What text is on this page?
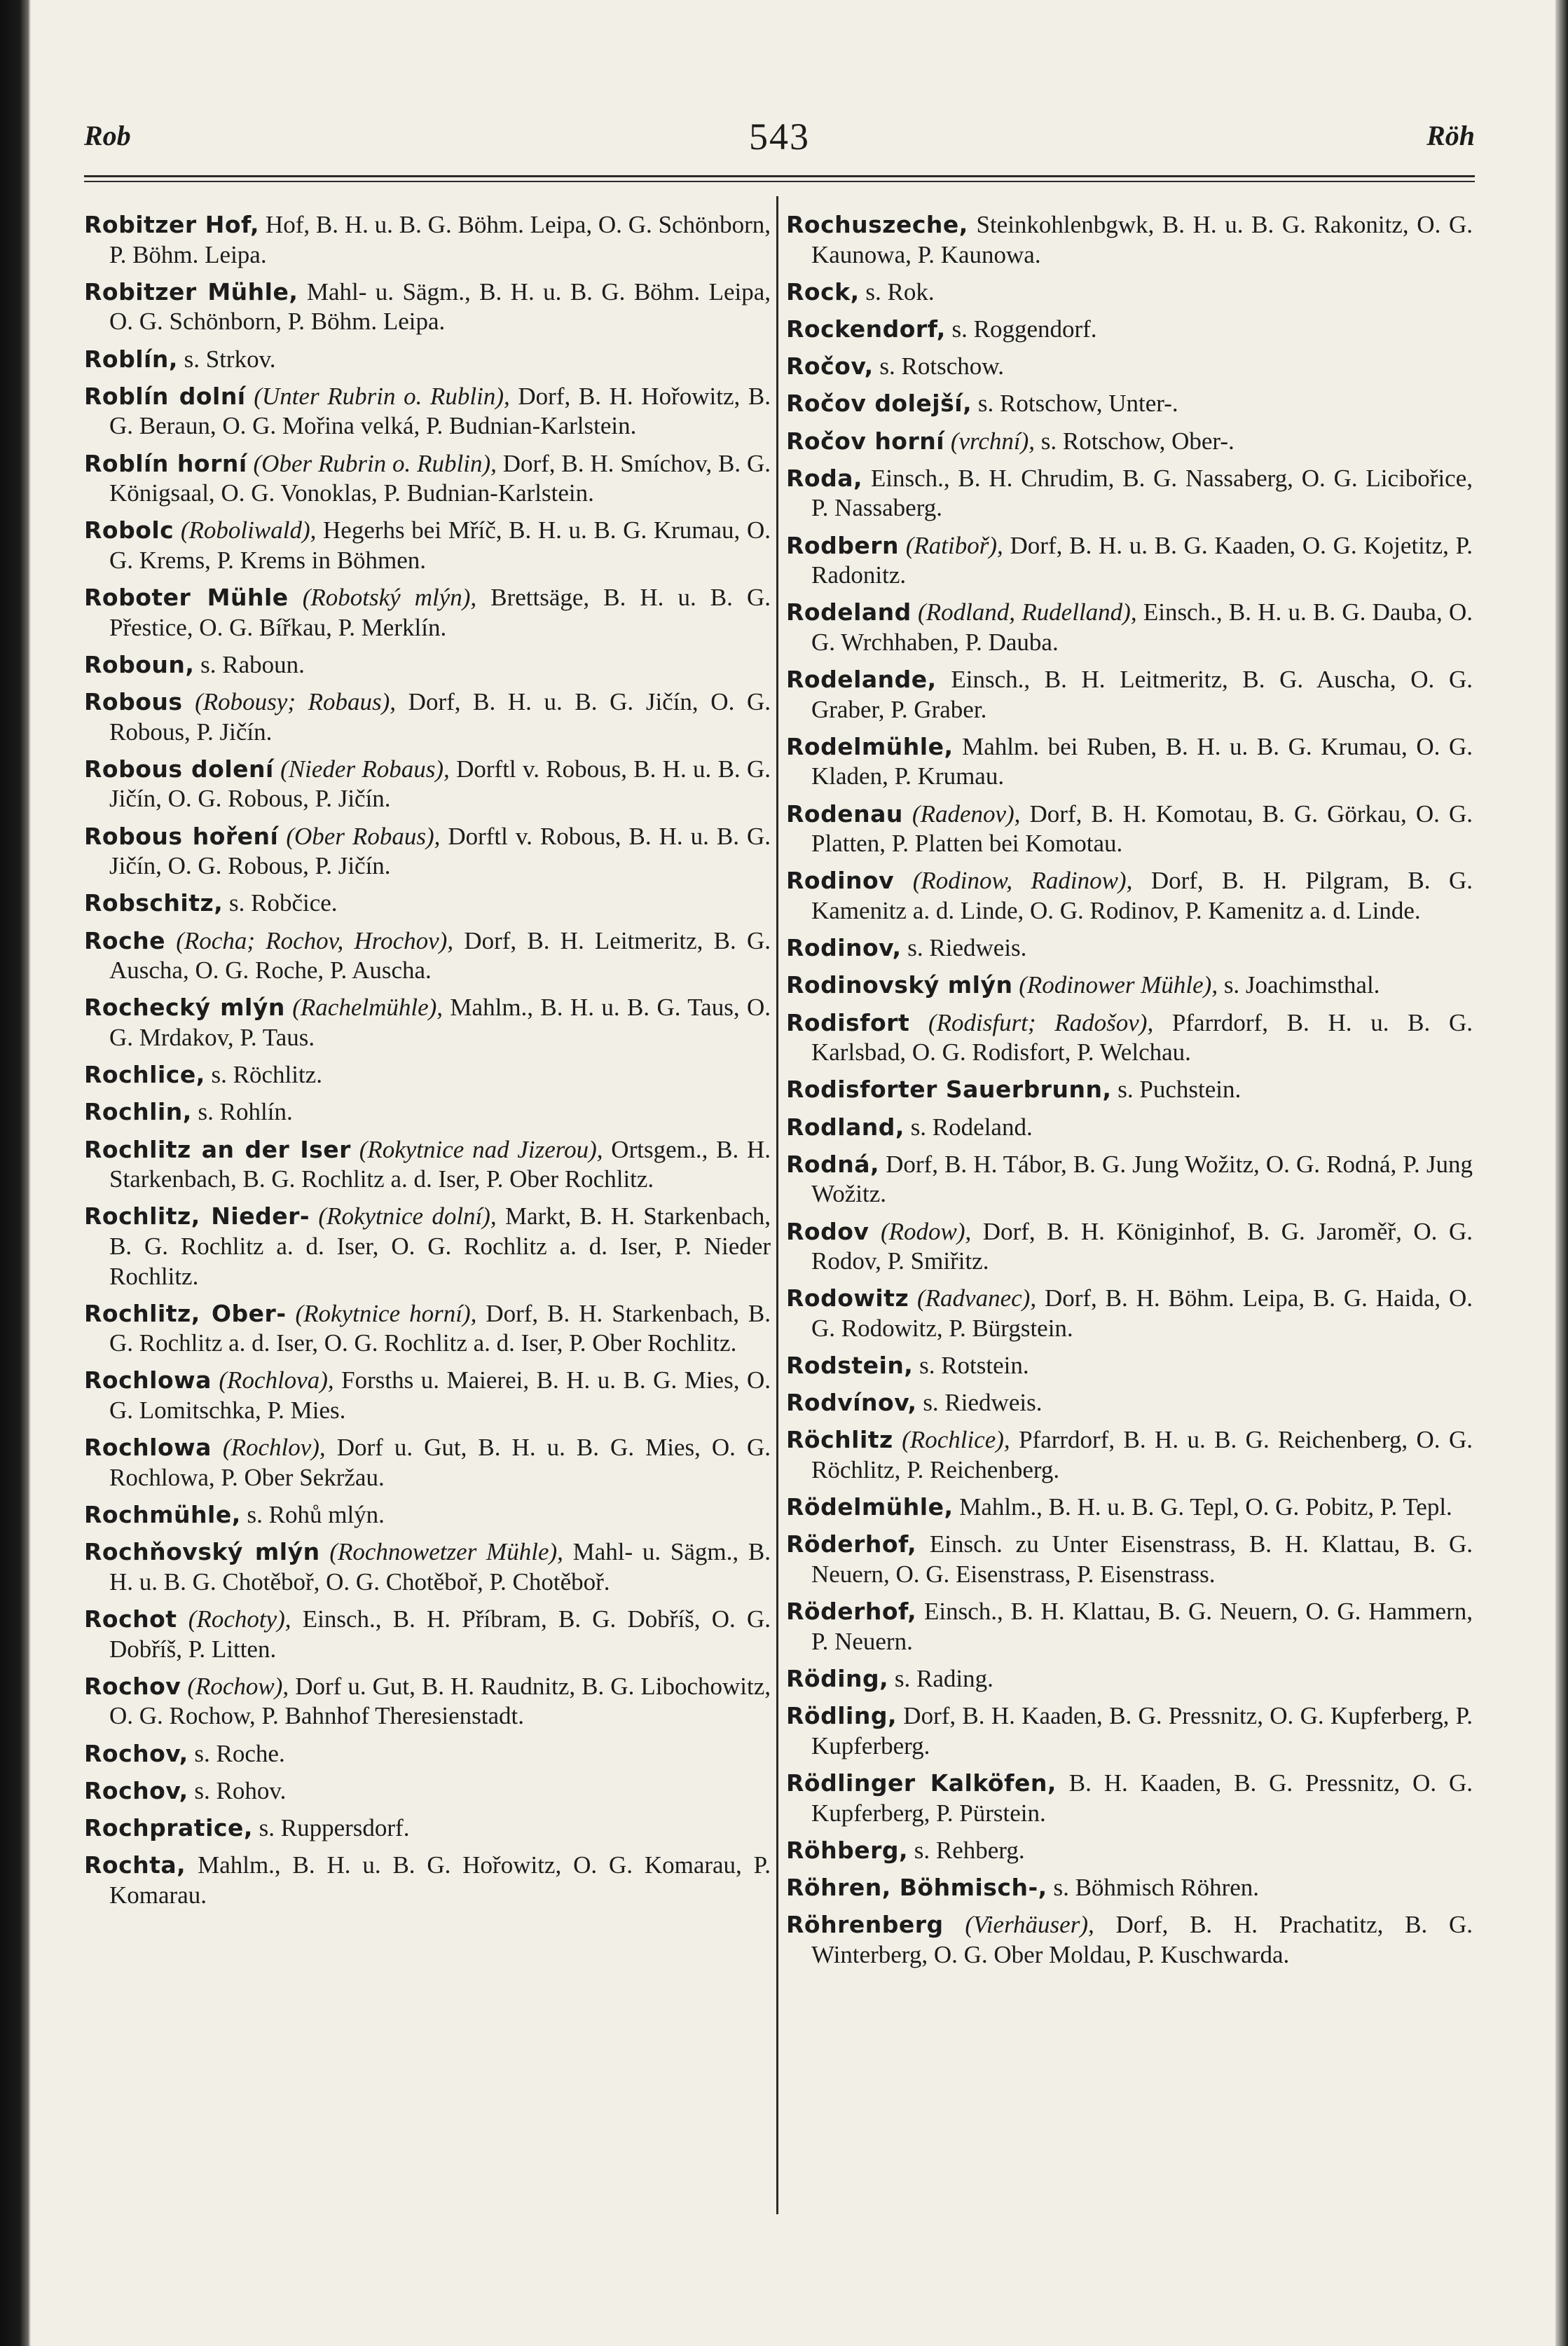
Rob	543	Röh

Robitzer Hof, Hof, B. H. u. B. G. Böhm. Leipa, O. G. Schönborn, P. Böhm. Leipa.

Robitzer Mühle, Mahl- u. Sägm., B. H. u. B. G. Böhm. Leipa, O. G. Schönborn, P. Böhm. Leipa.

Roblín, s. Strkov.

Roblín dolní (Unter Rubrin o. Rublin), Dorf, B. H. Hořowitz, B. G. Beraun, O. G. Mořina velká, P. Budnian-Karlstein.

Roblín horní (Ober Rubrin o. Rublin), Dorf, B. H. Smíchov, B. G. Königsaal, O. G. Vonoklas, P. Budnian-Karlstein.

Robolc (Roboliwald), Hegerhs bei Mříč, B. H. u. B. G. Krumau, O. G. Krems, P. Krems in Böhmen.

Roboter Mühle (Robotský mlýn), Brettsäge, B. H. u. B. G. Přestice, O. G. Bířkau, P. Merklín.

Roboun, s. Raboun.

Robous (Robousy; Robaus), Dorf, B. H. u. B. G. Jičín, O. G. Robous, P. Jičín.

Robous dolení (Nieder Robaus), Dorftl v. Robous, B. H. u. B. G. Jičín, O. G. Robous, P. Jičín.

Robous hoření (Ober Robaus), Dorftl v. Robous, B. H. u. B. G. Jičín, O. G. Robous, P. Jičín.

Robschitz, s. Robčice.

Roche (Rocha; Rochov, Hrochov), Dorf, B. H. Leitmeritz, B. G. Auscha, O. G. Roche, P. Auscha.

Rochecký mlýn (Rachelmühle), Mahlm., B. H. u. B. G. Taus, O. G. Mrdakov, P. Taus.

Rochlice, s. Röchlitz.

Rochlin, s. Rohlín.

Rochlitz an der Iser (Rokytnice nad Jizerou), Ortsgem., B. H. Starkenbach, B. G. Rochlitz a. d. Iser, P. Ober Rochlitz.

Rochlitz, Nieder- (Rokytnice dolní), Markt, B. H. Starkenbach, B. G. Rochlitz a. d. Iser, O. G. Rochlitz a. d. Iser, P. Nieder Rochlitz.

Rochlitz, Ober- (Rokytnice horní), Dorf, B. H. Starkenbach, B. G. Rochlitz a. d. Iser, O. G. Rochlitz a. d. Iser, P. Ober Rochlitz.

Rochlowa (Rochlova), Forsths u. Maierei, B. H. u. B. G. Mies, O. G. Lomitschka, P. Mies.

Rochlowa (Rochlov), Dorf u. Gut, B. H. u. B. G. Mies, O. G. Rochlowa, P. Ober Sekržau.

Rochmühle, s. Rohů mlýn.

Rochňovský mlýn (Rochnowetzer Mühle), Mahl- u. Sägm., B. H. u. B. G. Chotěboř, O. G. Chotěboř, P. Chotěboř.

Rochot (Rochoty), Einsch., B. H. Příbram, B. G. Dobříš, O. G. Dobříš, P. Litten.

Rochov (Rochow), Dorf u. Gut, B. H. Raudnitz, B. G. Libochowitz, O. G. Rochow, P. Bahnhof Theresienstadt.

Rochov, s. Roche.

Rochov, s. Rohov.

Rochpratice, s. Ruppersdorf.

Rochta, Mahlm., B. H. u. B. G. Hořowitz, O. G. Komarau, P. Komarau.

Rochuszeche, Steinkohlenbgwk, B. H. u. B. G. Rakonitz, O. G. Kaunowa, P. Kaunowa.

Rock, s. Rok.

Rockendorf, s. Roggendorf.

Ročov, s. Rotschow.

Ročov dolejší, s. Rotschow, Unter-.

Ročov horní (vrchní), s. Rotschow, Ober-.

Roda, Einsch., B. H. Chrudim, B. G. Nassaberg, O. G. Licibořice, P. Nassaberg.

Rodbern (Ratiboř), Dorf, B. H. u. B. G. Kaaden, O. G. Kojetitz, P. Radonitz.

Rodeland (Rodland, Rudelland), Einsch., B. H. u. B. G. Dauba, O. G. Wrchhaben, P. Dauba.

Rodelande, Einsch., B. H. Leitmeritz, B. G. Auscha, O. G. Graber, P. Graber.

Rodelmühle, Mahlm. bei Ruben, B. H. u. B. G. Krumau, O. G. Kladen, P. Krumau.

Rodenau (Radenov), Dorf, B. H. Komotau, B. G. Görkau, O. G. Platten, P. Platten bei Komotau.

Rodinov (Rodinow, Radinow), Dorf, B. H. Pilgram, B. G. Kamenitz a. d. Linde, O. G. Rodinov, P. Kamenitz a. d. Linde.

Rodinov, s. Riedweis.

Rodinovský mlýn (Rodinower Mühle), s. Joachimsthal.

Rodisfort (Rodisfurt; Radošov), Pfarrdorf, B. H. u. B. G. Karlsbad, O. G. Rodisfort, P. Welchau.

Rodisforter Sauerbrunn, s. Puchstein.

Rodland, s. Rodeland.

Rodná, Dorf, B. H. Tábor, B. G. Jung Wožitz, O. G. Rodná, P. Jung Wožitz.

Rodov (Rodow), Dorf, B. H. Königinhof, B. G. Jaroměř, O. G. Rodov, P. Smiřitz.

Rodowitz (Radvanec), Dorf, B. H. Böhm. Leipa, B. G. Haida, O. G. Rodowitz, P. Bürgstein.

Rodstein, s. Rotstein.

Rodvínov, s. Riedweis.

Röchlitz (Rochlice), Pfarrdorf, B. H. u. B. G. Reichenberg, O. G. Röchlitz, P. Reichenberg.

Rödelmühle, Mahlm., B. H. u. B. G. Tepl, O. G. Pobitz, P. Tepl.

Röderhof, Einsch. zu Unter Eisenstrass, B. H. Klattau, B. G. Neuern, O. G. Eisenstrass, P. Eisenstrass.

Röderhof, Einsch., B. H. Klattau, B. G. Neuern, O. G. Hammern, P. Neuern.

Röding, s. Rading.

Rödling, Dorf, B. H. Kaaden, B. G. Pressnitz, O. G. Kupferberg, P. Kupferberg.

Rödlinger Kalköfen, B. H. Kaaden, B. G. Pressnitz, O. G. Kupferberg, P. Pürstein.

Röhberg, s. Rehberg.

Röhren, Böhmisch-, s. Böhmisch Röhren.

Röhrenberg (Vierhäuser), Dorf, B. H. Prachatitz, B. G. Winterberg, O. G. Ober Moldau, P. Kuschwarda.
